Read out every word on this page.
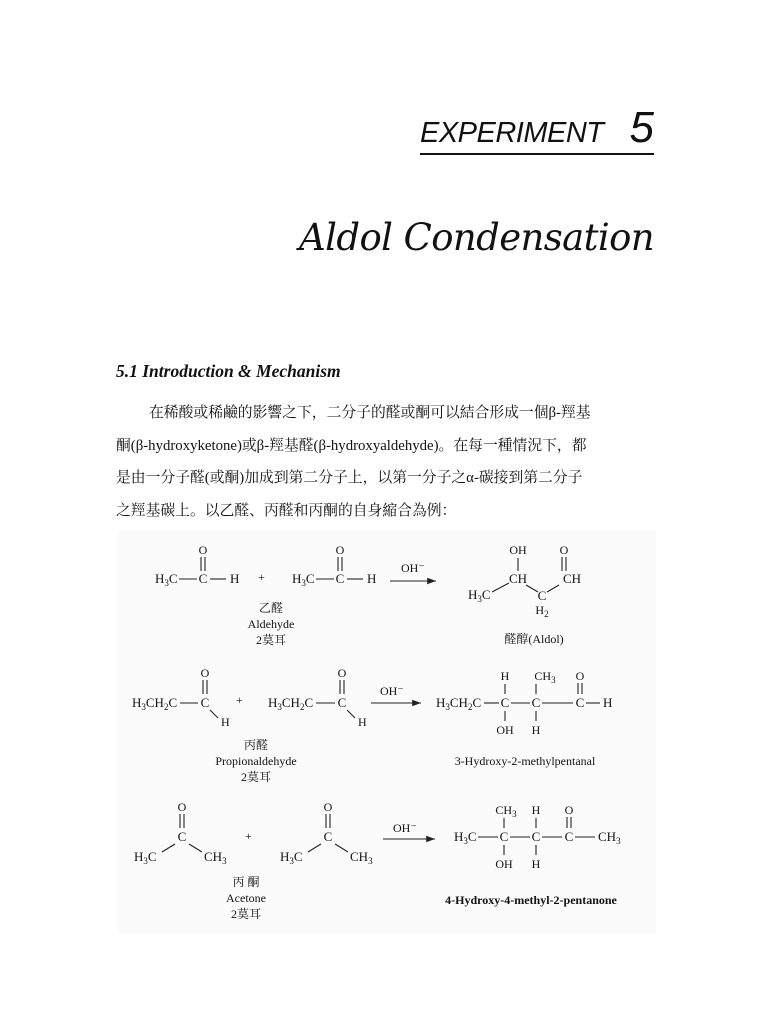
EXPERIMENT 5
Aldol Condensation
5.1 Introduction & Mechanism
在稀酸或稀鹼的影響之下，二分子的醛或酮可以結合形成一個β-羥基
酮(β-hydroxyketone)或β-羥基醛(β-hydroxyaldehyde)。在每一種情況下，都
是由一分子醛(或酮)加成到第二分子上，以第一分子之α-碳接到第二分子
之羥基碳上。以乙醛、丙醛和丙酮的自身縮合為例：
O
$H_3C$ C H +
O
$H_3C$ C H
OH⁻
OH	O
CH	CH
$H_3C$	C
$H_2$
乙醛
Aldehyde
2莫耳	醛醇(Aldol)
O
$H_3CH_2C$ C
H
+
O
$H_3CH_2C$ C
H
OH⁻
H $CH_3$ O
$H_3CH_2C$ C C	C H
OH H
丙醛
Propionaldehyde
2莫耳
3-Hydroxy-2-methylpentanal
O
C
$H_3C$	$CH_3$
+
O
C
$H_3C$	$CH_3$
OH⁻
$CH_3$ H O
$H_3C$ C C C $CH_3$
OH H
丙 酮
Acetone
2莫耳
4-Hydroxy-4-methyl-2-pentanone
